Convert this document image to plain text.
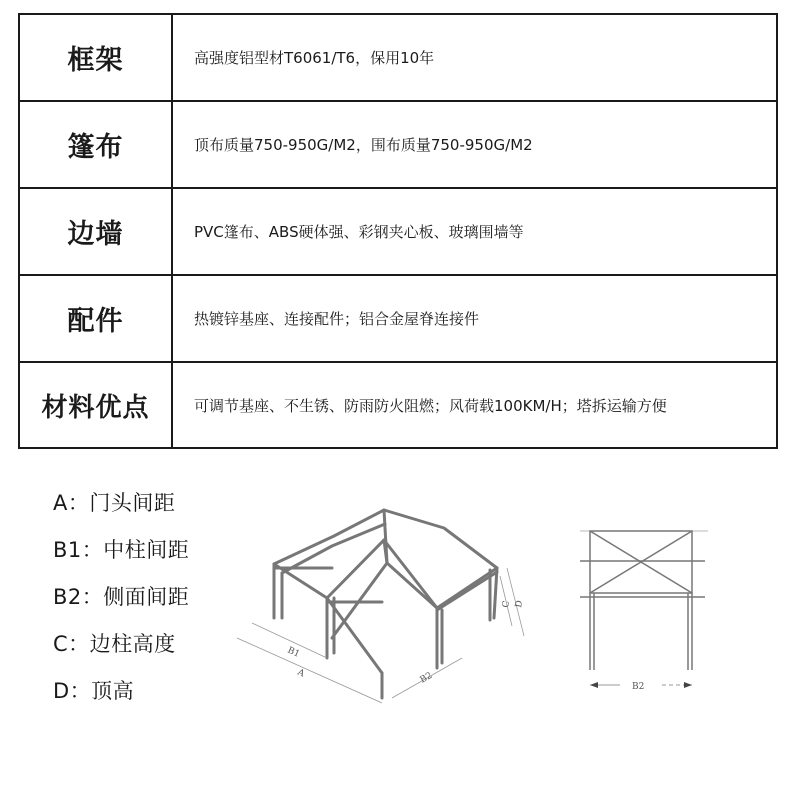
框架	高强度铝型材T6061/T6，保用10年
篷布	顶布质量750-950G/M2，围布质量750-950G/M2
边墙	PVC篷布、ABS硬体强、彩钢夹心板、玻璃围墙等
配件	热镀锌基座、连接配件；铝合金屋脊连接件
材料优点	可调节基座、不生锈、防雨防火阻燃；风荷载100KM/H；塔拆运输方便
A：门头间距
B1：中柱间距
B2：侧面间距
C：边柱高度
D：顶高
B1
A	B2
C D
B2
